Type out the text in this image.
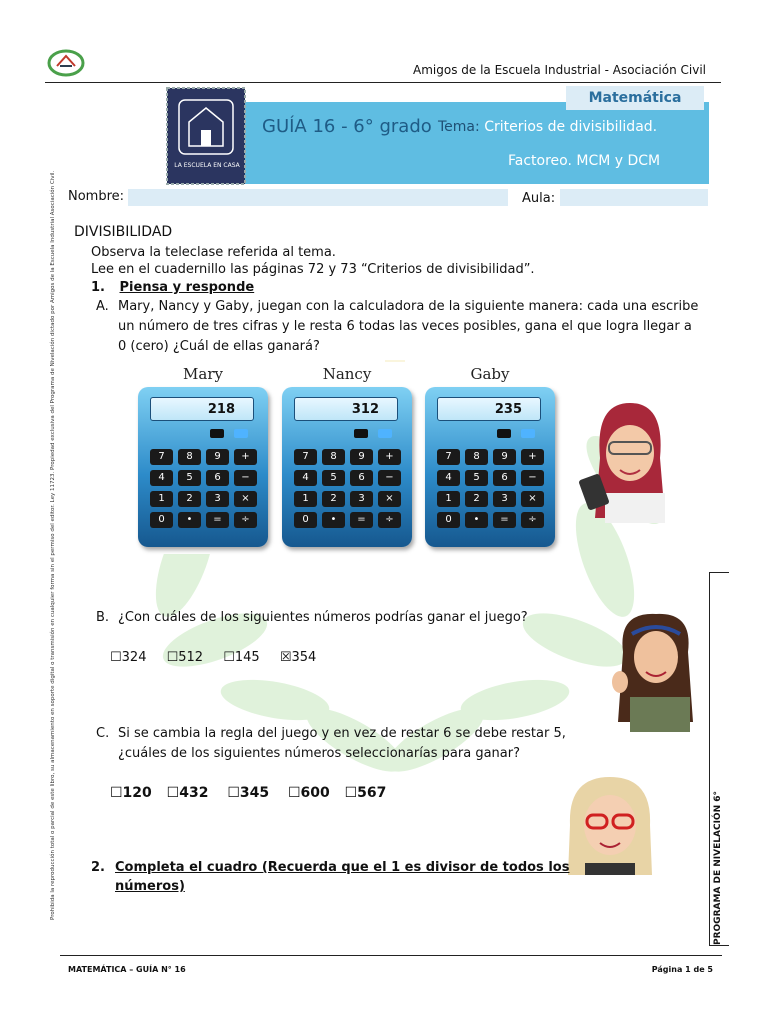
Amigos de la Escuela Industrial - Asociación Civil
Matemática
LA ESCUELA EN CASA
GUÍA 16 - 6° grado Tema: Criterios de divisibilidad.
Factoreo. MCM y DCM
Nombre:	Aula:
Prohibida la reproducción total o parcial de este libro, su almacenamiento en soporte digital o transmisión en cualquier forma sin el permiso del editor. Ley 11723. Propiedad exclusiva del Programa de Nivelación dictado por Amigos de la Escuela Industrial Asociación Civil.	PROGRAMA DE NIVELACIÓN 6°
DIVISIBILIDAD
Observa la teleclase referida al tema.
Lee en el cuadernillo las páginas 72 y 73 “Criterios de divisibilidad”.
1. Piensa y responde
A. Mary, Nancy y Gaby, juegan con la calculadora de la siguiente manera: cada una escribe
un número de tres cifras y le resta 6 todas las veces posibles, gana el que logra llegar a
0 (cero) ¿Cuál de ellas ganará?
Mary
218
7	8	9	+
4	5	6	−
1	2	3	×
0	•	=	÷
Nancy
312
7	8	9	+
4	5	6	−
1	2	3	×
0	•	=	÷
Gaby
235
7	8	9	+
4	5	6	−
1	2	3	×
0	•	=	÷
B. ¿Con cuáles de los siguientes números podrías ganar el juego?
☐324 ☐512 ☐145 ☒354
C. Si se cambia la regla del juego y en vez de restar 6 se debe restar 5,
¿cuáles de los siguientes números seleccionarías para ganar?
☐120 ☐432 ☐345 ☐600 ☐567
2. Completa el cuadro (Recuerda que el 1 es divisor de todos los
números)
MATEMÁTICA – GUÍA N° 16	Página 1 de 5
